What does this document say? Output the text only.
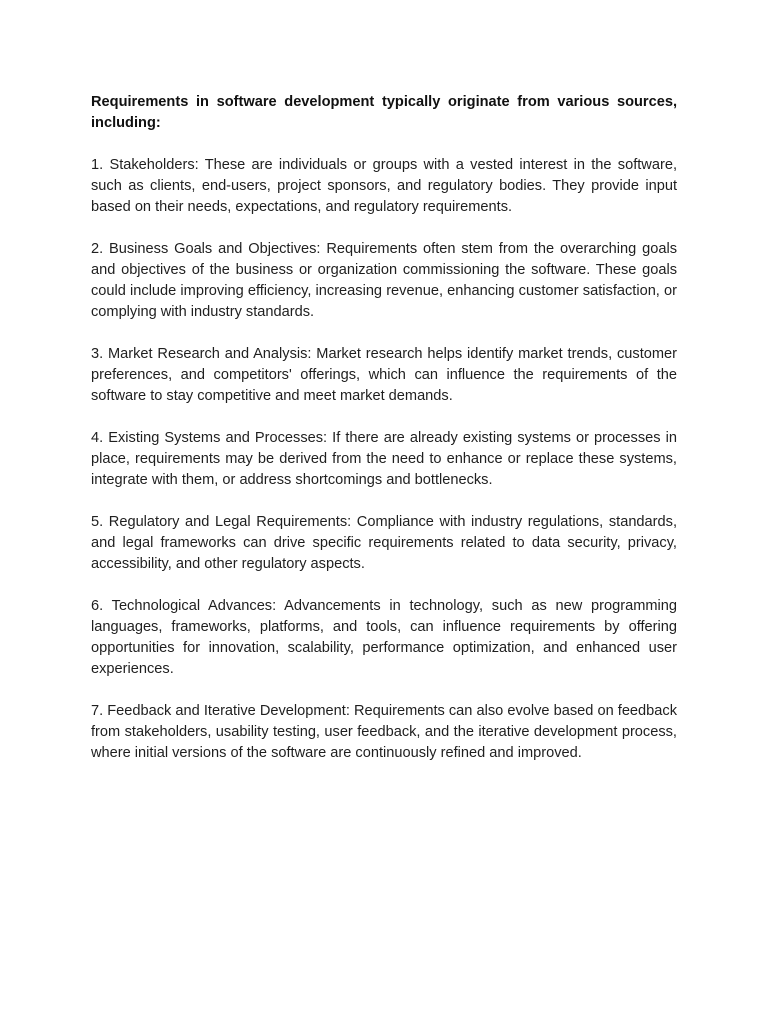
Requirements in software development typically originate from various sources, including:

1. Stakeholders: These are individuals or groups with a vested interest in the software, such as clients, end-users, project sponsors, and regulatory bodies. They provide input based on their needs, expectations, and regulatory requirements.

2. Business Goals and Objectives: Requirements often stem from the overarching goals and objectives of the business or organization commissioning the software. These goals could include improving efficiency, increasing revenue, enhancing customer satisfaction, or complying with industry standards.

3. Market Research and Analysis: Market research helps identify market trends, customer preferences, and competitors' offerings, which can influence the requirements of the software to stay competitive and meet market demands.

4. Existing Systems and Processes: If there are already existing systems or processes in place, requirements may be derived from the need to enhance or replace these systems, integrate with them, or address shortcomings and bottlenecks.

5. Regulatory and Legal Requirements: Compliance with industry regulations, standards, and legal frameworks can drive specific requirements related to data security, privacy, accessibility, and other regulatory aspects.

6. Technological Advances: Advancements in technology, such as new programming languages, frameworks, platforms, and tools, can influence requirements by offering opportunities for innovation, scalability, performance optimization, and enhanced user experiences.

7. Feedback and Iterative Development: Requirements can also evolve based on feedback from stakeholders, usability testing, user feedback, and the iterative development process, where initial versions of the software are continuously refined and improved.
